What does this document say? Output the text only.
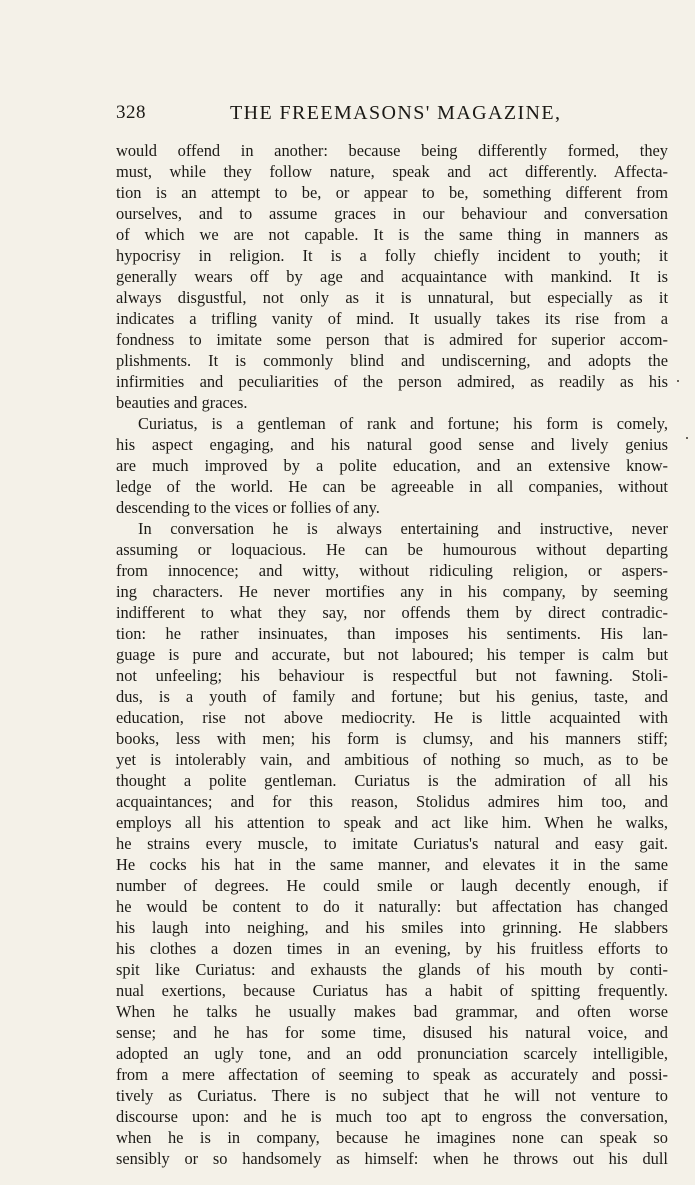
328	THE FREEMASONS' MAGAZINE,
would offend in another: because being differently formed, they
must, while they follow nature, speak and act differently. Affecta-
tion is an attempt to be, or appear to be, something different from
ourselves, and to assume graces in our behaviour and conversation
of which we are not capable. It is the same thing in manners as
hypocrisy in religion. It is a folly chiefly incident to youth; it
generally wears off by age and acquaintance with mankind. It is
always disgustful, not only as it is unnatural, but especially as it
indicates a trifling vanity of mind. It usually takes its rise from a
fondness to imitate some person that is admired for superior accom-
plishments. It is commonly blind and undiscerning, and adopts the
infirmities and peculiarities of the person admired, as readily as his
beauties and graces.
Curiatus, is a gentleman of rank and fortune; his form is comely,
his aspect engaging, and his natural good sense and lively genius
are much improved by a polite education, and an extensive know-
ledge of the world. He can be agreeable in all companies, without
descending to the vices or follies of any.
In conversation he is always entertaining and instructive, never
assuming or loquacious. He can be humourous without departing
from innocence; and witty, without ridiculing religion, or aspers-
ing characters. He never mortifies any in his company, by seeming
indifferent to what they say, nor offends them by direct contradic-
tion: he rather insinuates, than imposes his sentiments. His lan-
guage is pure and accurate, but not laboured; his temper is calm but
not unfeeling; his behaviour is respectful but not fawning. Stoli-
dus, is a youth of family and fortune; but his genius, taste, and
education, rise not above mediocrity. He is little acquainted with
books, less with men; his form is clumsy, and his manners stiff;
yet is intolerably vain, and ambitious of nothing so much, as to be
thought a polite gentleman. Curiatus is the admiration of all his
acquaintances; and for this reason, Stolidus admires him too, and
employs all his attention to speak and act like him. When he walks,
he strains every muscle, to imitate Curiatus's natural and easy gait.
He cocks his hat in the same manner, and elevates it in the same
number of degrees. He could smile or laugh decently enough, if
he would be content to do it naturally: but affectation has changed
his laugh into neighing, and his smiles into grinning. He slabbers
his clothes a dozen times in an evening, by his fruitless efforts to
spit like Curiatus: and exhausts the glands of his mouth by conti-
nual exertions, because Curiatus has a habit of spitting frequently.
When he talks he usually makes bad grammar, and often worse
sense; and he has for some time, disused his natural voice, and
adopted an ugly tone, and an odd pronunciation scarcely intelligible,
from a mere affectation of seeming to speak as accurately and possi-
tively as Curiatus. There is no subject that he will not venture to
discourse upon: and he is much too apt to engross the conversation,
when he is in company, because he imagines none can speak so
sensibly or so handsomely as himself: when he throws out his dull
